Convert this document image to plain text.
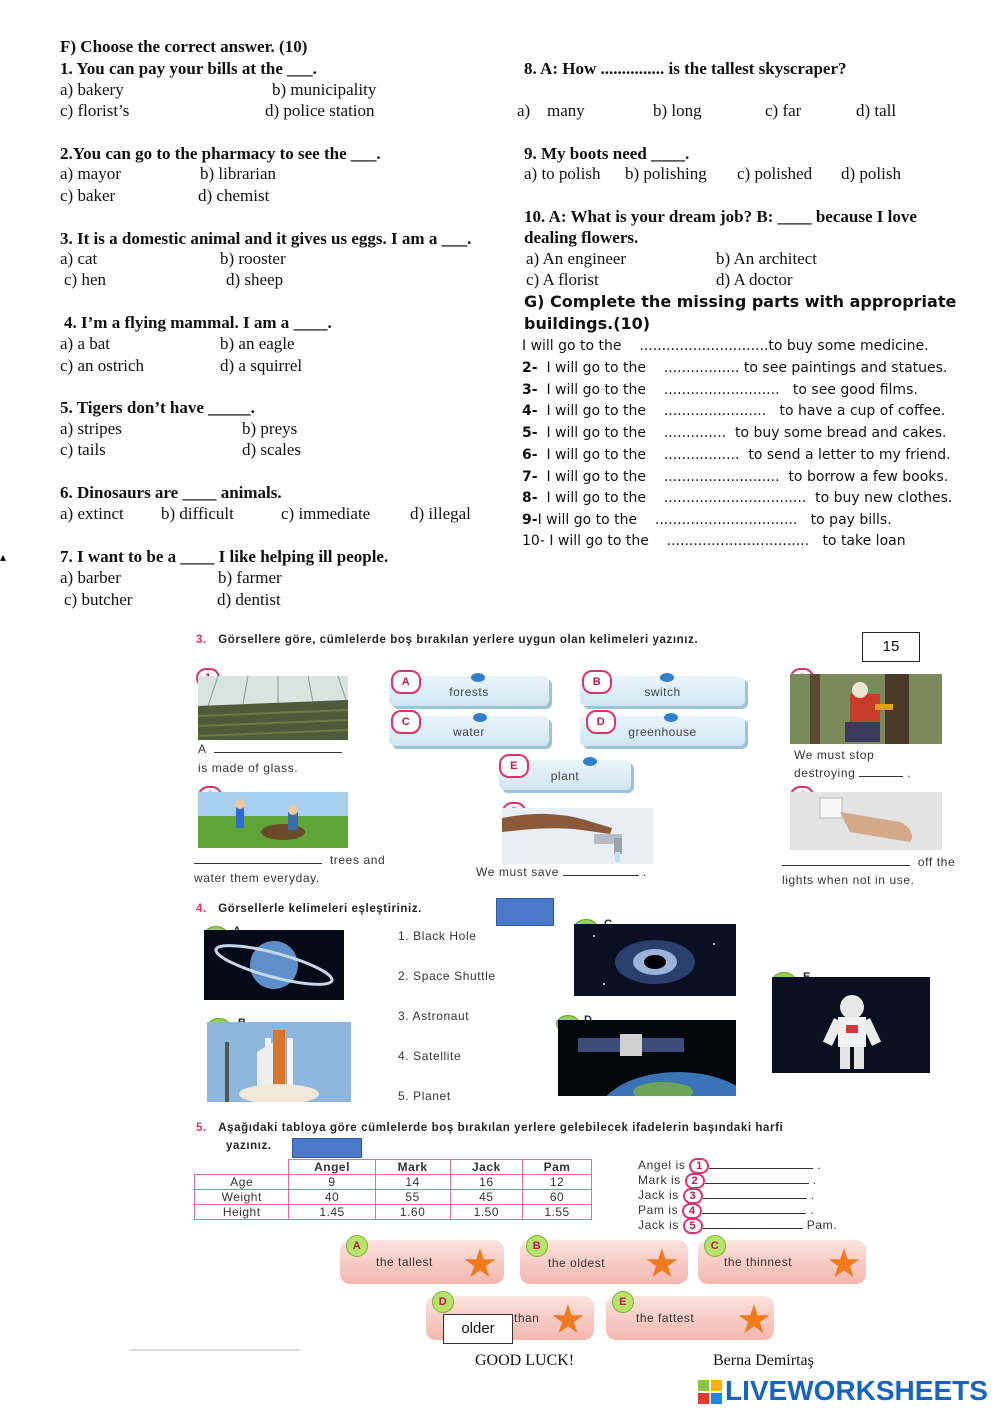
F) Choose the correct answer. (10)
1. You can pay your bills at the ___.
a) bakery	b) municipality
c) florist’s	d) police station
2.You can go to the pharmacy to see the ___.
a) mayor	b) librarian
c) baker	d) chemist
3. It is a domestic animal and it gives us eggs. I am a ___.
a) cat	b) rooster
c) hen	d) sheep
4. I’m a flying mammal. I am a ____.
a) a bat	b) an eagle
c) an ostrich	d) a squirrel
5. Tigers don’t have _____.
a) stripes	b) preys
c) tails	d) scales
6. Dinosaurs are ____ animals.
a) extinct b) difficult	c) immediate d) illegal
▴	7. I want to be a ____ I like helping ill people.
a) barber	b) farmer
c) butcher	d) dentist
8. A: How ............... is the tallest skyscraper?
a) many	b) long	c) far	d) tall
9. My boots need ____.
a) to polish b) polishing c) polished d) polish
10. A: What is your dream job? B: ____ because I love
dealing flowers.
a) An engineer	b) An architect
c) A florist	d) A doctor
G) Complete the missing parts with appropriate
buildings.(10)
I will go to the .............................to buy some medicine.
2- I will go to the ................. to see paintings and statues.
3- I will go to the .......................... to see good films.
4- I will go to the ....................... to have a cup of coffee.
5- I will go to the .............. to buy some bread and cakes.
6- I will go to the ................. to send a letter to my friend.
7- I will go to the .......................... to borrow a few books.
8- I will go to the ................................ to buy new clothes.
9-I will go to the ................................ to pay bills.
10- I will go to the ................................ to take loan
3. Görsellere göre, cümlelerde boş bırakılan yerlere uygun olan kelimeleri yazınız.	15
A
forests
B
switch
C
water
D
greenhouse
E
plant
A
is made of glass.
We must stop
destroying	.
trees and
water them everyday.	We must save	.
off the
lights when not in use.
4. Görsellerle kelimeleri eşleştiriniz.
1. Black Hole
2. Space Shuttle
3. Astronaut
4. Satellite
5. Planet
5. Aşağıdaki tabloya göre cümlelerde boş bırakılan yerlere gelebilecek ifadelerin başındaki harfi
yazınız.
	Angel	Mark	Jack	Pam
Age	9	14	16	12
Weight	40	55	45	60
Height	1.45	1.60	1.50	1.55
Angel is 1	.
Mark is 2	.
Jack is 3	.
Pam is 4	.
Jack is 5	Pam.
A
the tallest ★	B
the oldest ★	C
the thinnest ★
D
than ★
older
E
the fattest ★
GOOD LUCK!	Berna Demirtaş
LIVEWORKSHEETS
